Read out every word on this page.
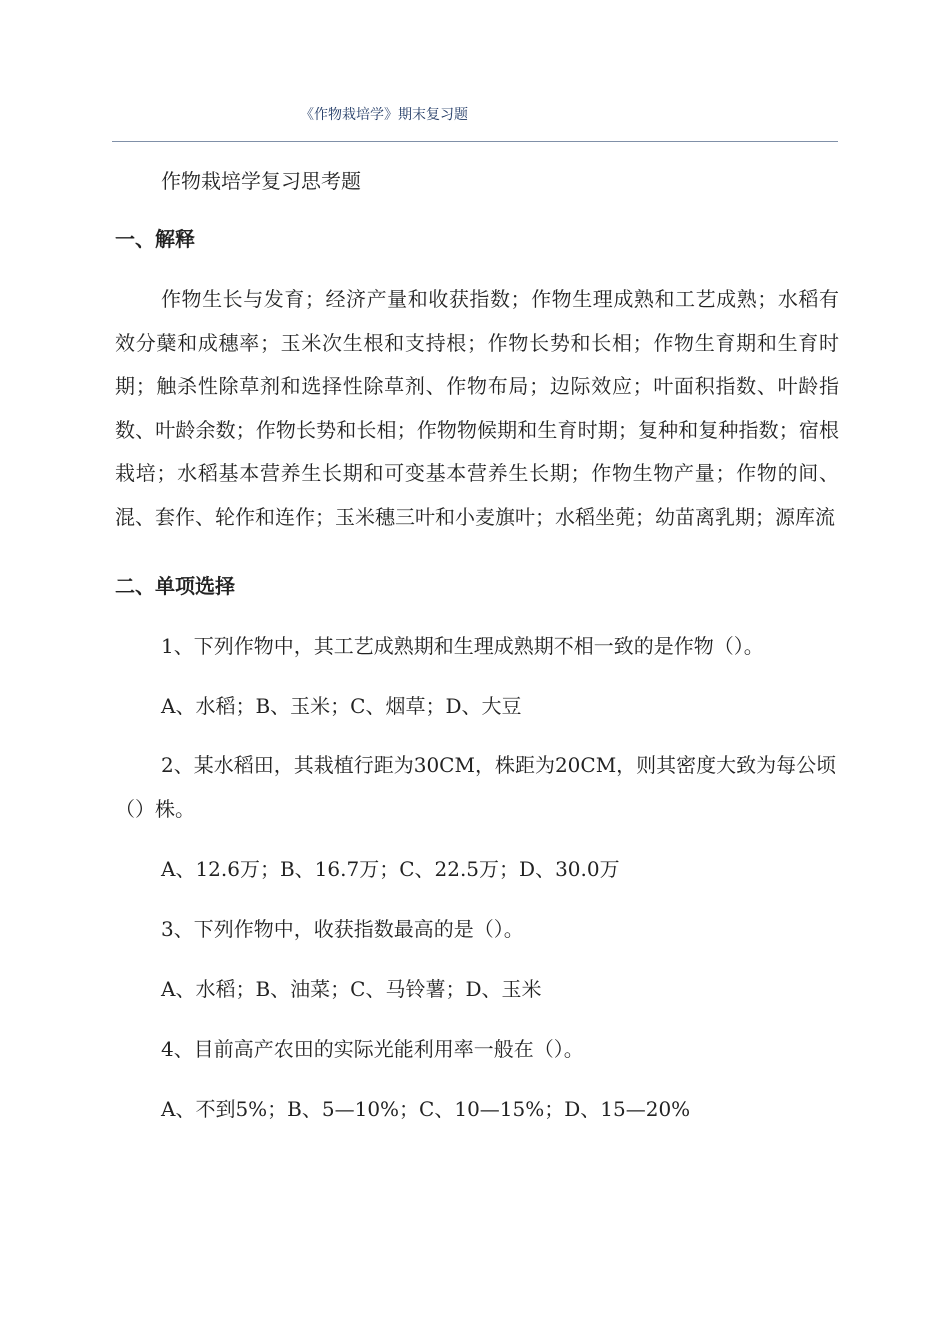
《作物栽培学》期末复习题

作物栽培学复习思考题

一、解释

作物生长与发育；经济产量和收获指数；作物生理成熟和工艺成熟；水稻有效分蘖和成穗率；玉米次生根和支持根；作物长势和长相；作物生育期和生育时期；触杀性除草剂和选择性除草剂、作物布局；边际效应；叶面积指数、叶龄指数、叶龄余数；作物长势和长相；作物物候期和生育时期；复种和复种指数；宿根栽培；水稻基本营养生长期和可变基本营养生长期；作物生物产量；作物的间、混、套作、轮作和连作；玉米穗三叶和小麦旗叶；水稻坐蔸；幼苗离乳期；源库流

二、单项选择

1、下列作物中，其工艺成熟期和生理成熟期不相一致的是作物（）。

A、水稻；B、玉米；C、烟草；D、大豆

2、某水稻田，其栽植行距为30CM，株距为20CM，则其密度大致为每公顷（）株。

A、12.6万；B、16.7万；C、22.5万；D、30.0万

3、下列作物中，收获指数最高的是（）。

A、水稻；B、油菜；C、马铃薯；D、玉米

4、目前高产农田的实际光能利用率一般在（）。

A、不到5%；B、5—10%；C、10—15%；D、15—20%
